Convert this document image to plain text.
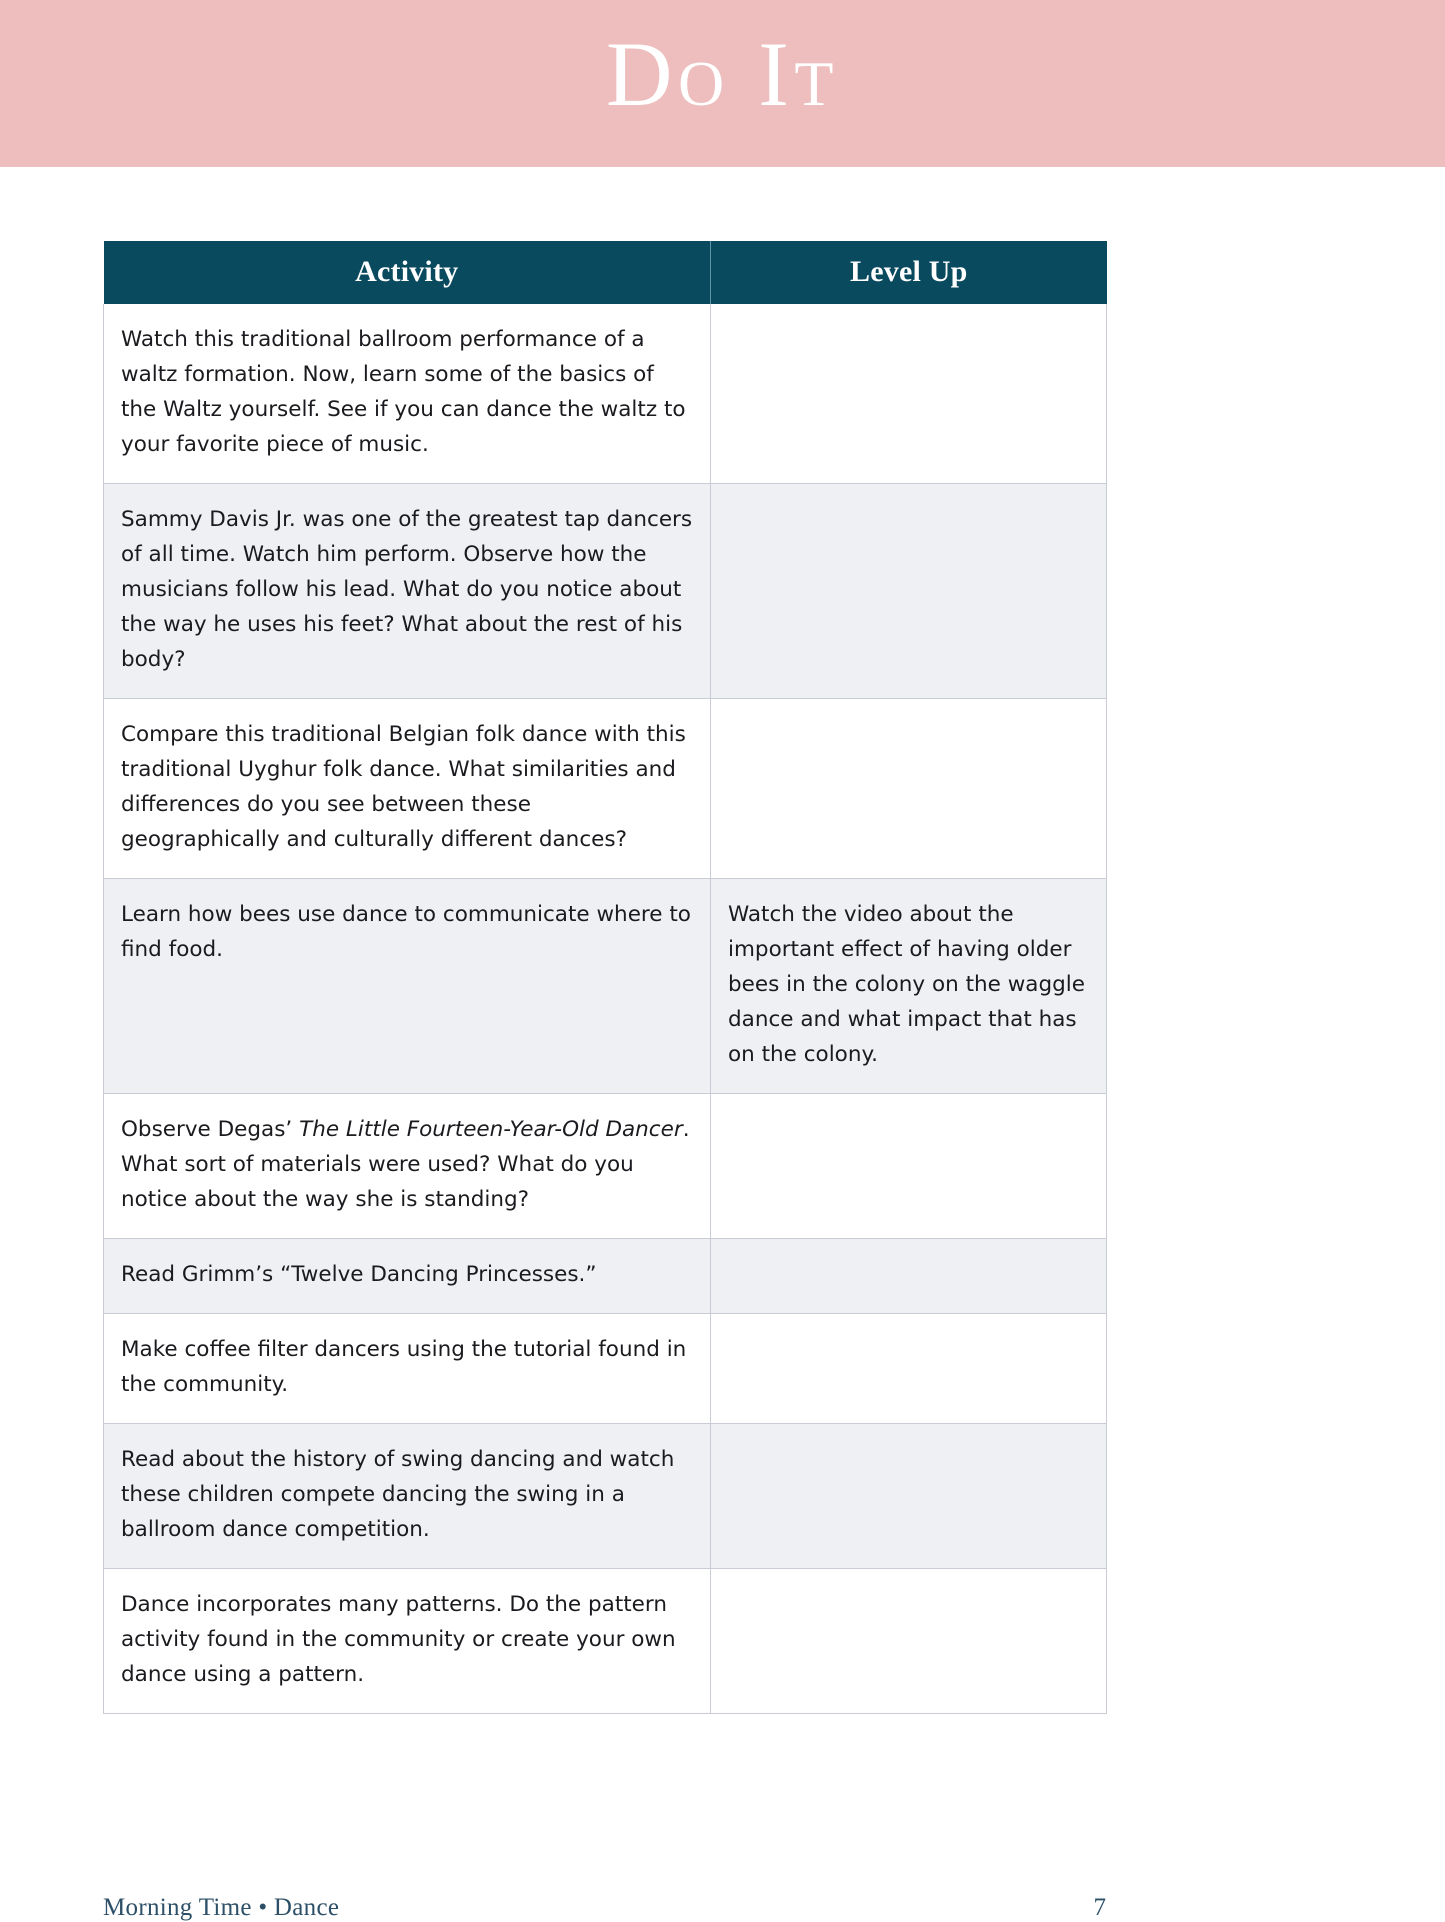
Do It
Activity	Level Up
Watch this traditional ballroom performance of a waltz formation. Now, learn some of the basics of the Waltz yourself. See if you can dance the waltz to your favorite piece of music.	
Sammy Davis Jr. was one of the greatest tap dancers of all time. Watch him perform. Observe how the musicians follow his lead. What do you notice about the way he uses his feet? What about the rest of his body?	
Compare this traditional Belgian folk dance with this traditional Uyghur folk dance. What similarities and differences do you see between these geographically and culturally different dances?	
Learn how bees use dance to communicate where to find food.	Watch the video about the important effect of having older bees in the colony on the waggle dance and what impact that has on the colony.
Observe Degas’ The Little Fourteen-Year-Old Dancer. What sort of materials were used? What do you notice about the way she is standing?	
Read Grimm’s “Twelve Dancing Princesses.”	
Make coffee filter dancers using the tutorial found in the community.	
Read about the history of swing dancing and watch these children compete dancing the swing in a ballroom dance competition.	
Dance incorporates many patterns. Do the pattern activity found in the community or create your own dance using a pattern.	
Morning Time • Dance	7
